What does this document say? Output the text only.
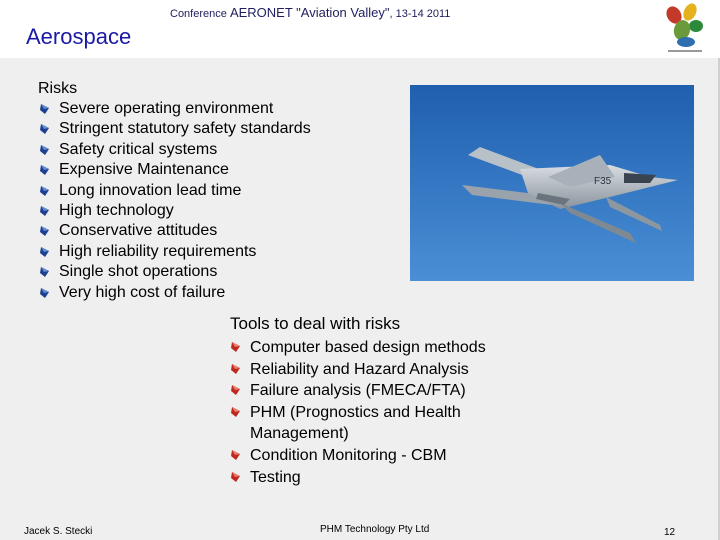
Conference AERONET "Aviation Valley", 13-14 2011
Aerospace
Risks
Severe operating environment
Stringent statutory safety standards
Safety critical systems
Expensive Maintenance
Long innovation lead time
High technology
Conservative attitudes
High reliability requirements
Single shot operations
Very high cost of failure
F35
Tools to deal with risks
Computer based design methods
Reliability and Hazard Analysis
Failure analysis (FMECA/FTA)
PHM (Prognostics and Health Management)
Condition Monitoring - CBM
Testing
Jacek S. Stecki	PHM Technology Pty Ltd	12
